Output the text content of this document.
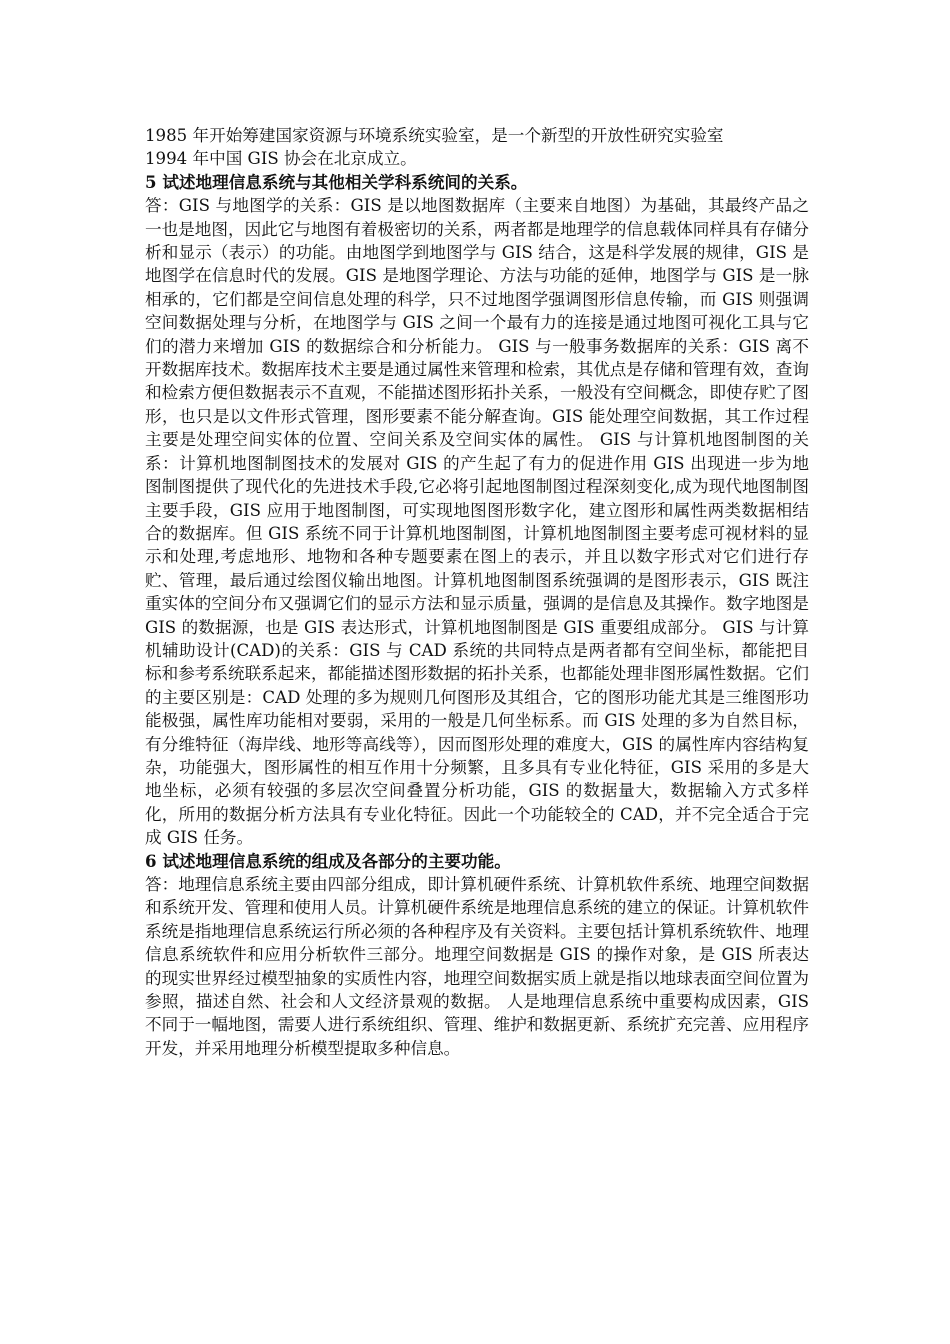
1985 年开始筹建国家资源与环境系统实验室，是一个新型的开放性研究实验室

1994 年中国 GIS 协会在北京成立。

5 试述地理信息系统与其他相关学科系统间的关系。

答：GIS 与地图学的关系：GIS 是以地图数据库（主要来自地图）为基础，其最终产品之一也是地图，因此它与地图有着极密切的关系，两者都是地理学的信息载体同样具有存储分析和显示（表示）的功能。由地图学到地图学与 GIS 结合，这是科学发展的规律，GIS 是地图学在信息时代的发展。GIS 是地图学理论、方法与功能的延伸，地图学与 GIS 是一脉相承的，它们都是空间信息处理的科学，只不过地图学强调图形信息传输，而 GIS 则强调空间数据处理与分析，在地图学与 GIS 之间一个最有力的连接是通过地图可视化工具与它们的潜力来增加 GIS 的数据综合和分析能力。 GIS 与一般事务数据库的关系：GIS 离不开数据库技术。数据库技术主要是通过属性来管理和检索，其优点是存储和管理有效，查询和检索方便但数据表示不直观，不能描述图形拓扑关系，一般没有空间概念，即使存贮了图形，也只是以文件形式管理，图形要素不能分解查询。GIS 能处理空间数据，其工作过程主要是处理空间实体的位置、空间关系及空间实体的属性。 GIS 与计算机地图制图的关系：计算机地图制图技术的发展对 GIS 的产生起了有力的促进作用 GIS 出现进一步为地图制图提供了现代化的先进技术手段,它必将引起地图制图过程深刻变化,成为现代地图制图主要手段，GIS 应用于地图制图，可实现地图图形数字化，建立图形和属性两类数据相结合的数据库。但 GIS 系统不同于计算机地图制图，计算机地图制图主要考虑可视材料的显示和处理,考虑地形、地物和各种专题要素在图上的表示，并且以数字形式对它们进行存贮、管理，最后通过绘图仪输出地图。计算机地图制图系统强调的是图形表示，GIS 既注重实体的空间分布又强调它们的显示方法和显示质量，强调的是信息及其操作。数字地图是 GIS 的数据源，也是 GIS 表达形式，计算机地图制图是 GIS 重要组成部分。 GIS 与计算机辅助设计(CAD)的关系：GIS 与 CAD 系统的共同特点是两者都有空间坐标，都能把目标和参考系统联系起来，都能描述图形数据的拓扑关系，也都能处理非图形属性数据。它们的主要区别是：CAD 处理的多为规则几何图形及其组合，它的图形功能尤其是三维图形功能极强，属性库功能相对要弱，采用的一般是几何坐标系。而 GIS 处理的多为自然目标，有分维特征（海岸线、地形等高线等），因而图形处理的难度大，GIS 的属性库内容结构复杂，功能强大，图形属性的相互作用十分频繁，且多具有专业化特征，GIS 采用的多是大地坐标，必须有较强的多层次空间叠置分析功能，GIS 的数据量大，数据输入方式多样化，所用的数据分析方法具有专业化特征。因此一个功能较全的 CAD，并不完全适合于完成 GIS 任务。

6 试述地理信息系统的组成及各部分的主要功能。

答：地理信息系统主要由四部分组成，即计算机硬件系统、计算机软件系统、地理空间数据和系统开发、管理和使用人员。计算机硬件系统是地理信息系统的建立的保证。计算机软件系统是指地理信息系统运行所必须的各种程序及有关资料。主要包括计算机系统软件、地理信息系统软件和应用分析软件三部分。地理空间数据是 GIS 的操作对象，是 GIS 所表达的现实世界经过模型抽象的实质性内容，地理空间数据实质上就是指以地球表面空间位置为参照，描述自然、社会和人文经济景观的数据。 人是地理信息系统中重要构成因素，GIS 不同于一幅地图，需要人进行系统组织、管理、维护和数据更新、系统扩充完善、应用程序开发，并采用地理分析模型提取多种信息。
